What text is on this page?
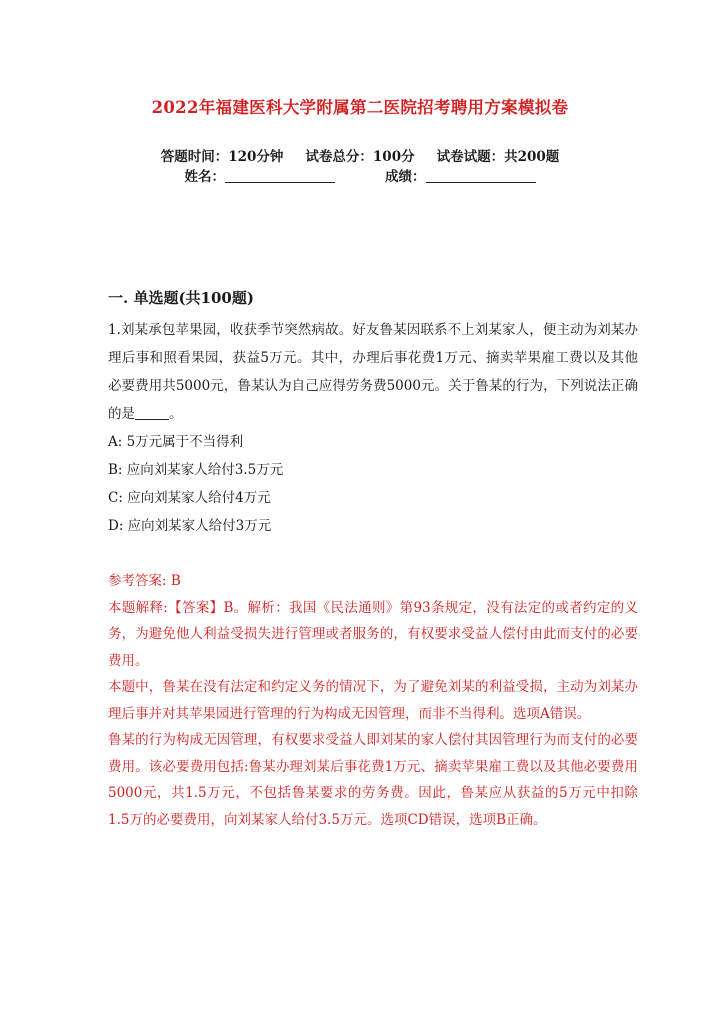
2022年福建医科大学附属第二医院招考聘用方案模拟卷
答题时间：120分钟 试卷总分：100分 试卷试题：共200题
姓名：	成绩：
一. 单选题(共100题)
1.刘某承包苹果园，收获季节突然病故。好友鲁某因联系不上刘某家人，便主动为刘某办理后事和照看果园，获益5万元。其中，办理后事花费1万元、摘卖苹果雇工费以及其他必要费用共5000元，鲁某认为自己应得劳务费5000元。关于鲁某的行为，下列说法正确的是	。
A: 5万元属于不当得利
B: 应向刘某家人给付3.5万元
C: 应向刘某家人给付4万元
D: 应向刘某家人给付3万元

参考答案: B

本题解释:【答案】B。解析：我国《民法通则》第93条规定，没有法定的或者约定的义务，为避免他人利益受损失进行管理或者服务的，有权要求受益人偿付由此而支付的必要费用。

本题中，鲁某在没有法定和约定义务的情况下，为了避免刘某的利益受损，主动为刘某办理后事并对其苹果园进行管理的行为构成无因管理，而非不当得利。选项A错误。

鲁某的行为构成无因管理，有权要求受益人即刘某的家人偿付其因管理行为而支付的必要费用。该必要费用包括:鲁某办理刘某后事花费1万元、摘卖苹果雇工费以及其他必要费用5000元，共1.5万元，不包括鲁某要求的劳务费。因此，鲁某应从获益的5万元中扣除1.5万的必要费用，向刘某家人给付3.5万元。选项CD错误，选项B正确。
